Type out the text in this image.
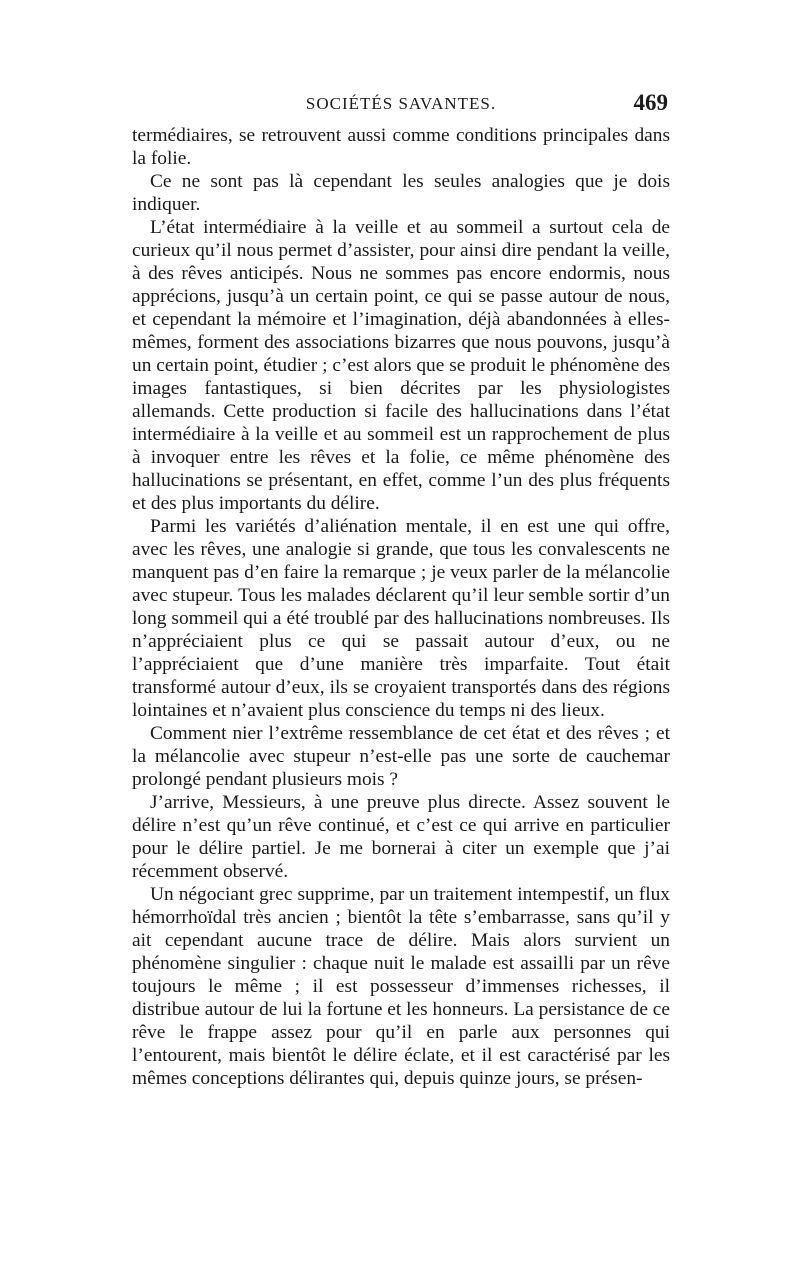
SOCIÉTÉS SAVANTES.	469

termédiaires, se retrouvent aussi comme conditions principales dans la folie.

Ce ne sont pas là cependant les seules analogies que je dois indiquer.

L’état intermédiaire à la veille et au sommeil a surtout cela de curieux qu’il nous permet d’assister, pour ainsi dire pendant la veille, à des rêves anticipés. Nous ne sommes pas encore endormis, nous apprécions, jusqu’à un certain point, ce qui se passe autour de nous, et cependant la mémoire et l’imagination, déjà abandonnées à elles-mêmes, forment des associations bizarres que nous pouvons, jusqu’à un certain point, étudier ; c’est alors que se produit le phénomène des images fantastiques, si bien décrites par les physiologistes allemands. Cette production si facile des hallucinations dans l’état intermédiaire à la veille et au sommeil est un rapprochement de plus à invoquer entre les rêves et la folie, ce même phénomène des hallucinations se présentant, en effet, comme l’un des plus fréquents et des plus importants du délire.

Parmi les variétés d’aliénation mentale, il en est une qui offre, avec les rêves, une analogie si grande, que tous les convalescents ne manquent pas d’en faire la remarque ; je veux parler de la mélancolie avec stupeur. Tous les malades déclarent qu’il leur semble sortir d’un long sommeil qui a été troublé par des hallucinations nombreuses. Ils n’appréciaient plus ce qui se passait autour d’eux, ou ne l’appréciaient que d’une manière très imparfaite. Tout était transformé autour d’eux, ils se croyaient transportés dans des régions lointaines et n’avaient plus conscience du temps ni des lieux.

Comment nier l’extrême ressemblance de cet état et des rêves ; et la mélancolie avec stupeur n’est-elle pas une sorte de cauchemar prolongé pendant plusieurs mois ?

J’arrive, Messieurs, à une preuve plus directe. Assez souvent le délire n’est qu’un rêve continué, et c’est ce qui arrive en particulier pour le délire partiel. Je me bornerai à citer un exemple que j’ai récemment observé.

Un négociant grec supprime, par un traitement intempestif, un flux hémorrhoïdal très ancien ; bientôt la tête s’embarrasse, sans qu’il y ait cependant aucune trace de délire. Mais alors survient un phénomène singulier : chaque nuit le malade est assailli par un rêve toujours le même ; il est possesseur d’immenses richesses, il distribue autour de lui la fortune et les honneurs. La persistance de ce rêve le frappe assez pour qu’il en parle aux personnes qui l’entourent, mais bientôt le délire éclate, et il est caractérisé par les mêmes conceptions délirantes qui, depuis quinze jours, se présen-
